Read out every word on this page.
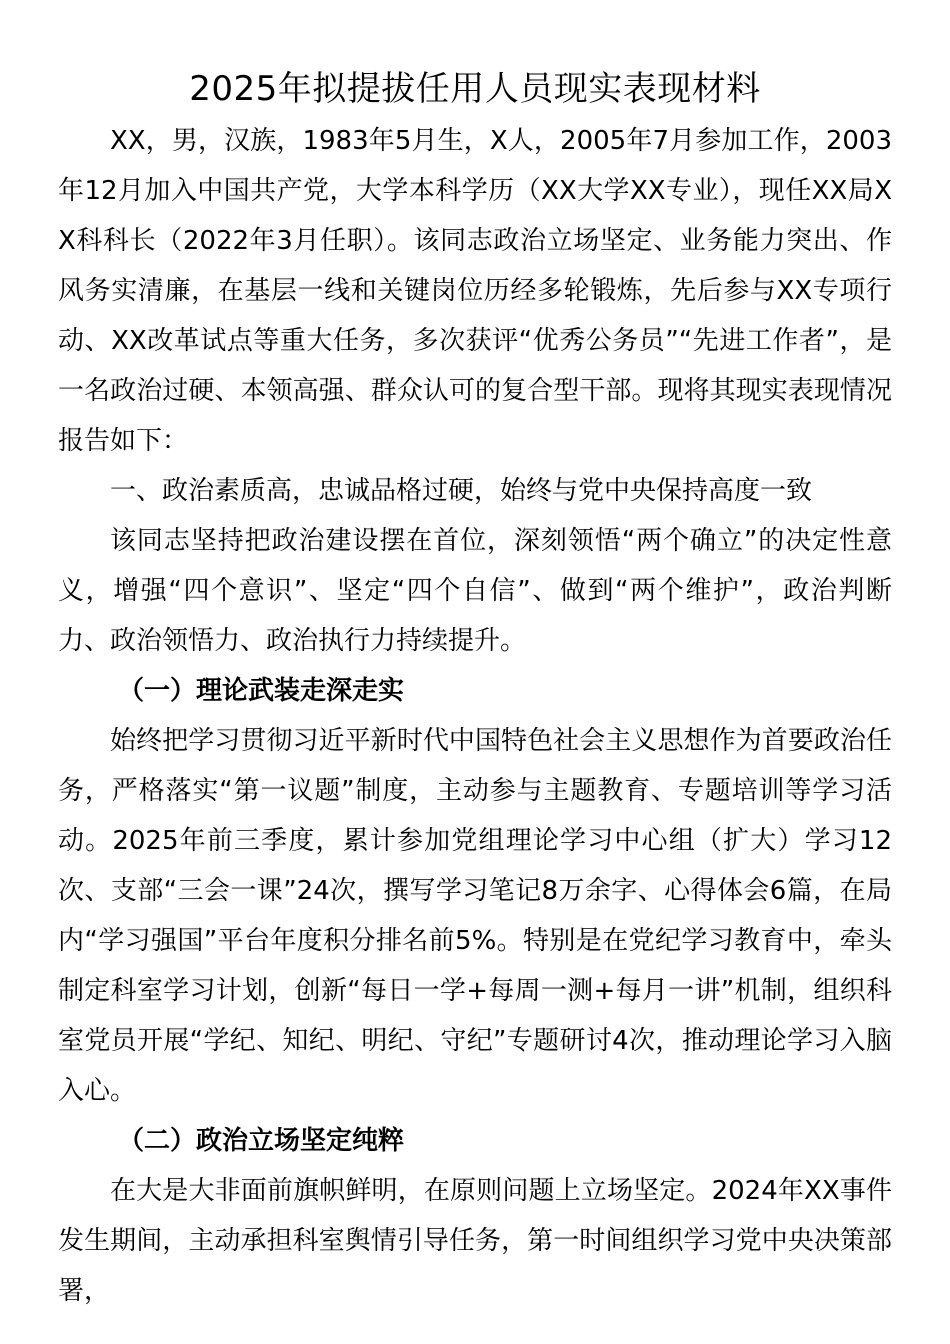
2025年拟提拔任用人员现实表现材料

XX，男，汉族，1983年5月生，X人，2005年7月参加工作，2003年12月加入中国共产党，大学本科学历（XX大学XX专业），现任XX局XX科科长（2022年3月任职）。该同志政治立场坚定、业务能力突出、作风务实清廉，在基层一线和关键岗位历经多轮锻炼，先后参与XX专项行动、XX改革试点等重大任务，多次获评“优秀公务员”“先进工作者”，是一名政治过硬、本领高强、群众认可的复合型干部。现将其现实表现情况报告如下：

一、政治素质高，忠诚品格过硬，始终与党中央保持高度一致

该同志坚持把政治建设摆在首位，深刻领悟“两个确立”的决定性意义，增强“四个意识”、坚定“四个自信”、做到“两个维护”，政治判断力、政治领悟力、政治执行力持续提升。

（一）理论武装走深走实

始终把学习贯彻习近平新时代中国特色社会主义思想作为首要政治任务，严格落实“第一议题”制度，主动参与主题教育、专题培训等学习活动。2025年前三季度，累计参加党组理论学习中心组（扩大）学习12次、支部“三会一课”24次，撰写学习笔记8万余字、心得体会6篇，在局内“学习强国”平台年度积分排名前5%。特别是在党纪学习教育中，牵头制定科室学习计划，创新“每日一学+每周一测+每月一讲”机制，组织科室党员开展“学纪、知纪、明纪、守纪”专题研讨4次，推动理论学习入脑入心。

（二）政治立场坚定纯粹

在大是大非面前旗帜鲜明，在原则问题上立场坚定。2024年XX事件发生期间，主动承担科室舆情引导任务，第一时间组织学习党中央决策部署，
